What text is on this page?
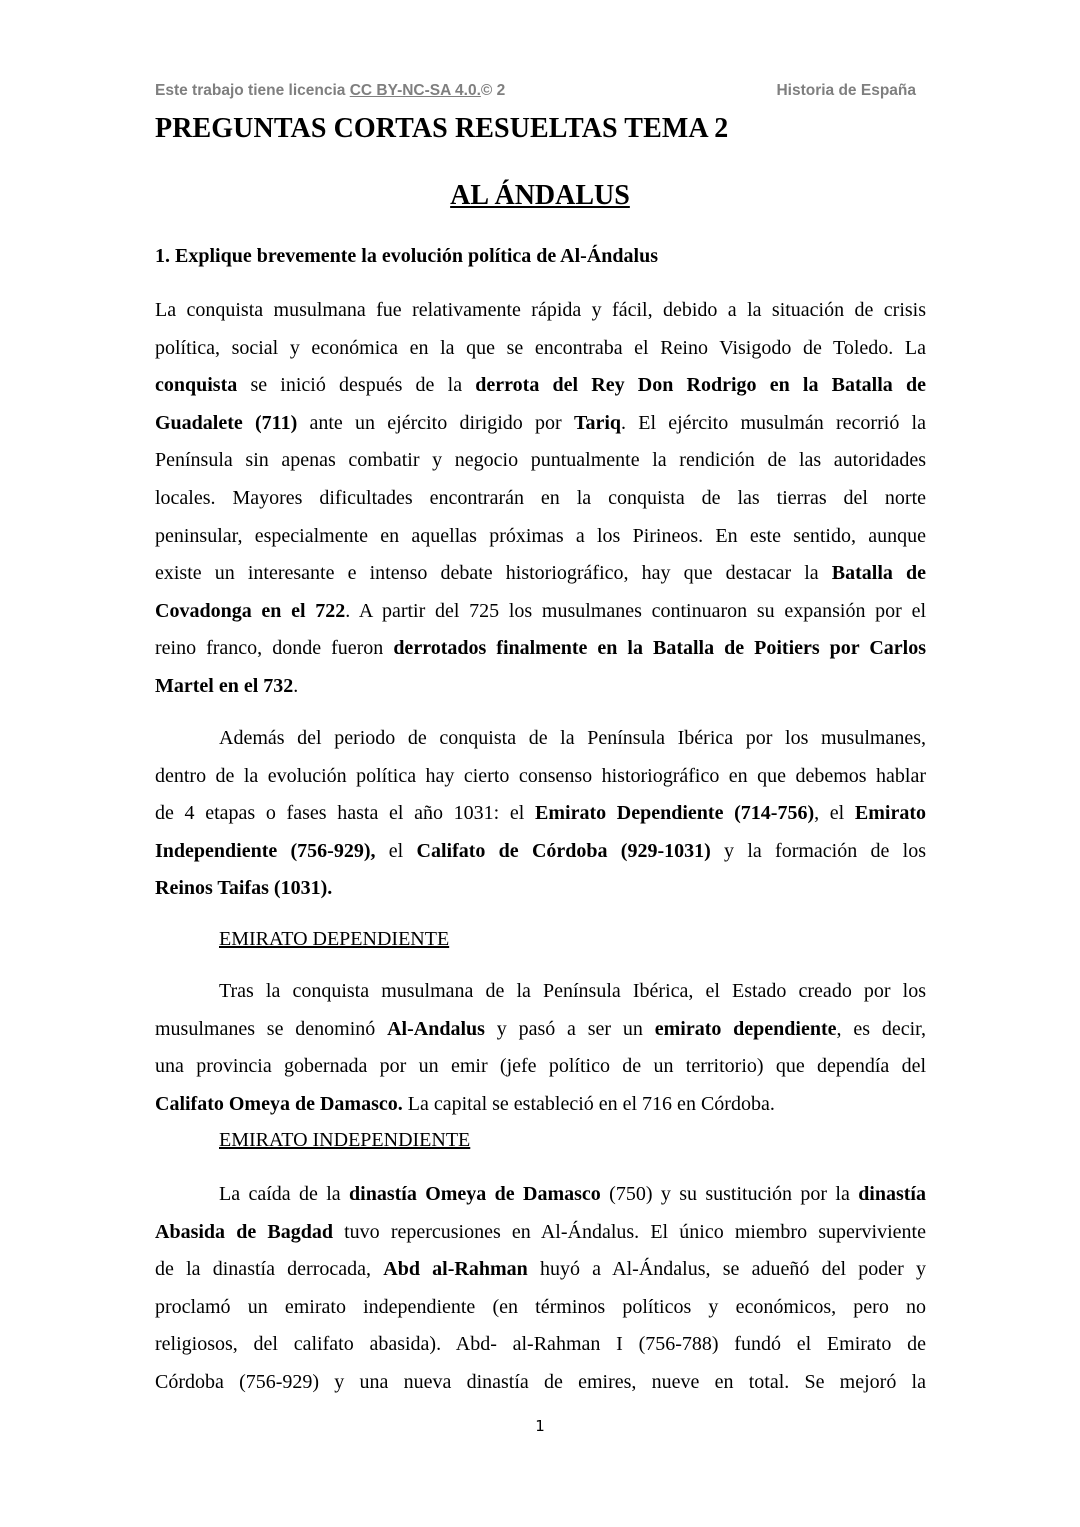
Este trabajo tiene licencia CC BY-NC-SA 4.0.© 2	Historia de España
PREGUNTAS CORTAS RESUELTAS TEMA 2
AL ÁNDALUS
1. Explique brevemente la evolución política de Al-Ándalus
La conquista musulmana fue relativamente rápida y fácil, debido a la situación de crisis
política, social y económica en la que se encontraba el Reino Visigodo de Toledo. La
conquista se inició después de la derrota del Rey Don Rodrigo en la Batalla de
Guadalete (711) ante un ejército dirigido por Tariq. El ejército musulmán recorrió la
Península sin apenas combatir y negocio puntualmente la rendición de las autoridades
locales. Mayores dificultades encontrarán en la conquista de las tierras del norte
peninsular, especialmente en aquellas próximas a los Pirineos. En este sentido, aunque
existe un interesante e intenso debate historiográfico, hay que destacar la Batalla de
Covadonga en el 722. A partir del 725 los musulmanes continuaron su expansión por el
reino franco, donde fueron derrotados finalmente en la Batalla de Poitiers por Carlos
Martel en el 732.
Además del periodo de conquista de la Península Ibérica por los musulmanes,
dentro de la evolución política hay cierto consenso historiográfico en que debemos hablar
de 4 etapas o fases hasta el año 1031: el Emirato Dependiente (714-756), el Emirato
Independiente (756-929), el Califato de Córdoba (929-1031) y la formación de los
Reinos Taifas (1031).
EMIRATO DEPENDIENTE
Tras la conquista musulmana de la Península Ibérica, el Estado creado por los
musulmanes se denominó Al-Andalus y pasó a ser un emirato dependiente, es decir,
una provincia gobernada por un emir (jefe político de un territorio) que dependía del
Califato Omeya de Damasco. La capital se estableció en el 716 en Córdoba.
EMIRATO INDEPENDIENTE
La caída de la dinastía Omeya de Damasco (750) y su sustitución por la dinastía
Abasida de Bagdad tuvo repercusiones en Al-Ándalus. El único miembro superviviente
de la dinastía derrocada, Abd al-Rahman huyó a Al-Ándalus, se adueñó del poder y
proclamó un emirato independiente (en términos políticos y económicos, pero no
religiosos, del califato abasida). Abd- al-Rahman I (756-788) fundó el Emirato de
Córdoba (756-929) y una nueva dinastía de emires, nueve en total. Se mejoró la
1
